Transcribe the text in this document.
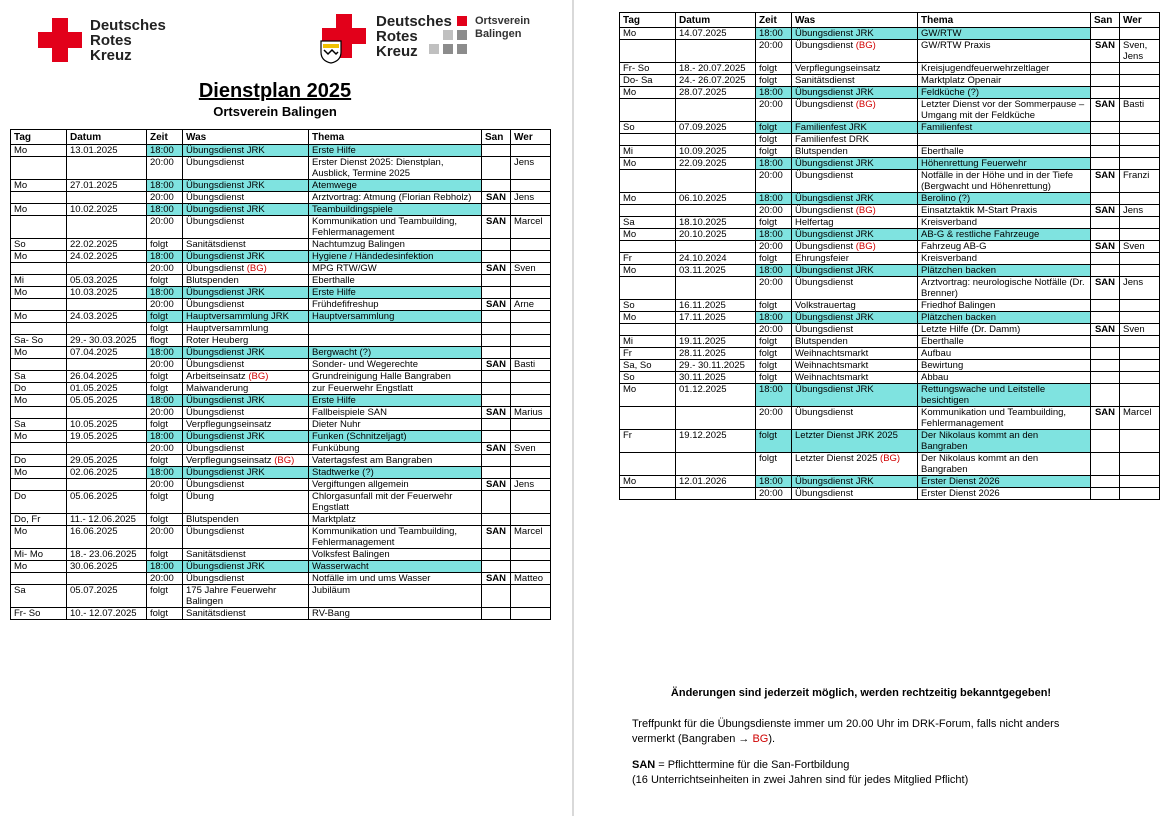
Deutsches
Rotes
Kreuz
Deutsches
Rotes
Kreuz
Ortsverein
Balingen
Dienstplan 2025
Ortsverein Balingen
Tag	Datum	Zeit	Was	Thema	San	Wer
Mo	13.01.2025	18:00	Übungsdienst JRK	Erste Hilfe		
		20:00	Übungsdienst	Erster Dienst 2025: Dienstplan, Ausblick, Termine 2025		Jens
Mo	27.01.2025	18:00	Übungsdienst JRK	Atemwege		
		20:00	Übungsdienst	Arztvortrag: Atmung (Florian Rebholz)	SAN	Jens
Mo	10.02.2025	18:00	Übungsdienst JRK	Teambuildingspiele		
		20:00	Übungsdienst	Kommunikation und Teambuilding, Fehlermanagement	SAN	Marcel
So	22.02.2025	folgt	Sanitätsdienst	Nachtumzug Balingen		
Mo	24.02.2025	18:00	Übungsdienst JRK	Hygiene / Händedesinfektion		
		20:00	Übungsdienst (BG)	MPG RTW/GW	SAN	Sven
Mi	05.03.2025	folgt	Blutspenden	Eberthalle		
Mo	10.03.2025	18:00	Übungsdienst JRK	Erste Hilfe		
		20:00	Übungsdienst	Frühdefifreshup	SAN	Arne
Mo	24.03.2025	folgt	Hauptversammlung JRK	Hauptversammlung		
		folgt	Hauptversammlung			
Sa- So	29.- 30.03.2025	flogt	Roter Heuberg			
Mo	07.04.2025	18:00	Übungsdienst JRK	Bergwacht (?)		
		20:00	Übungsdienst	Sonder- und Wegerechte	SAN	Basti
Sa	26.04.2025	folgt	Arbeitseinsatz (BG)	Grundreinigung Halle Bangraben		
Do	01.05.2025	folgt	Maiwanderung	zur Feuerwehr Engstlatt		
Mo	05.05.2025	18:00	Übungsdienst JRK	Erste Hilfe		
		20:00	Übungsdienst	Fallbeispiele SAN	SAN	Marius
Sa	10.05.2025	folgt	Verpflegungseinsatz	Dieter Nuhr		
Mo	19.05.2025	18:00	Übungsdienst JRK	Funken (Schnitzeljagt)		
		20:00	Übungsdienst	Funkübung	SAN	Sven
Do	29.05.2025	folgt	Verpflegungseinsatz (BG)	Vatertagsfest am Bangraben		
Mo	02.06.2025	18:00	Übungsdienst JRK	Stadtwerke (?)		
		20:00	Übungsdienst	Vergiftungen allgemein	SAN	Jens
Do	05.06.2025	folgt	Übung	Chlorgasunfall mit der Feuerwehr Engstlatt		
Do, Fr	11.- 12.06.2025	folgt	Blutspenden	Marktplatz		
Mo	16.06.2025	20:00	Übungsdienst	Kommunikation und Teambuilding, Fehlermanagement	SAN	Marcel
Mi- Mo	18.- 23.06.2025	folgt	Sanitätsdienst	Volksfest Balingen		
Mo	30.06.2025	18:00	Übungsdienst JRK	Wasserwacht		
		20:00	Übungsdienst	Notfälle im und ums Wasser	SAN	Matteo
Sa	05.07.2025	folgt	175 Jahre Feuerwehr Balingen	Jubiläum		
Fr- So	10.- 12.07.2025	folgt	Sanitätsdienst	RV-Bang		
Tag	Datum	Zeit	Was	Thema	San	Wer
Mo	14.07.2025	18:00	Übungsdienst JRK	GW/RTW		
		20:00	Übungsdienst (BG)	GW/RTW Praxis	SAN	Sven, Jens
Fr- So	18.- 20.07.2025	folgt	Verpflegungseinsatz	Kreisjugendfeuerwehrzeltlager		
Do- Sa	24.- 26.07.2025	folgt	Sanitätsdienst	Marktplatz Openair		
Mo	28.07.2025	18:00	Übungsdienst JRK	Feldküche (?)		
		20:00	Übungsdienst (BG)	Letzter Dienst vor der Sommerpause – Umgang mit der Feldküche	SAN	Basti
So	07.09.2025	folgt	Familienfest JRK	Familienfest		
		folgt	Familienfest DRK			
Mi	10.09.2025	folgt	Blutspenden	Eberthalle		
Mo	22.09.2025	18:00	Übungsdienst JRK	Höhenrettung Feuerwehr		
		20:00	Übungsdienst	Notfälle in der Höhe und in der Tiefe (Bergwacht und Höhenrettung)	SAN	Franzi
Mo	06.10.2025	18:00	Übungsdienst JRK	Berolino (?)		
		20:00	Übungsdienst (BG)	Einsatztaktik M-Start Praxis	SAN	Jens
Sa	18.10.2025	folgt	Helfertag	Kreisverband		
Mo	20.10.2025	18:00	Übungsdienst JRK	AB-G & restliche Fahrzeuge		
		20:00	Übungsdienst (BG)	Fahrzeug AB-G	SAN	Sven
Fr	24.10.2024	folgt	Ehrungsfeier	Kreisverband		
Mo	03.11.2025	18:00	Übungsdienst JRK	Plätzchen backen		
		20:00	Übungsdienst	Arztvortrag: neurologische Notfälle (Dr. Brenner)	SAN	Jens
So	16.11.2025	folgt	Volkstrauertag	Friedhof Balingen		
Mo	17.11.2025	18:00	Übungsdienst JRK	Plätzchen backen		
		20:00	Übungsdienst	Letzte Hilfe (Dr. Damm)	SAN	Sven
Mi	19.11.2025	folgt	Blutspenden	Eberthalle		
Fr	28.11.2025	folgt	Weihnachtsmarkt	Aufbau		
Sa, So	29.- 30.11.2025	folgt	Weihnachtsmarkt	Bewirtung		
So	30.11.2025	folgt	Weihnachtsmarkt	Abbau		
Mo	01.12.2025	18:00	Übungsdienst JRK	Rettungswache und Leitstelle besichtigen		
		20:00	Übungsdienst	Kommunikation und Teambuilding, Fehlermanagement	SAN	Marcel
Fr	19.12.2025	folgt	Letzter Dienst JRK 2025	Der Nikolaus kommt an den Bangraben		
		folgt	Letzter Dienst 2025 (BG)	Der Nikolaus kommt an den Bangraben		
Mo	12.01.2026	18:00	Übungsdienst JRK	Erster Dienst 2026		
		20:00	Übungsdienst	Erster Dienst 2026		
Änderungen sind jederzeit möglich, werden rechtzeitig bekanntgegeben!
Treffpunkt für die Übungsdienste immer um 20.00 Uhr im DRK-Forum, falls nicht anders
vermerkt (Bangraben → BG).
SAN = Pflichttermine für die San-Fortbildung
(16 Unterrichtseinheiten in zwei Jahren sind für jedes Mitglied Pflicht)
